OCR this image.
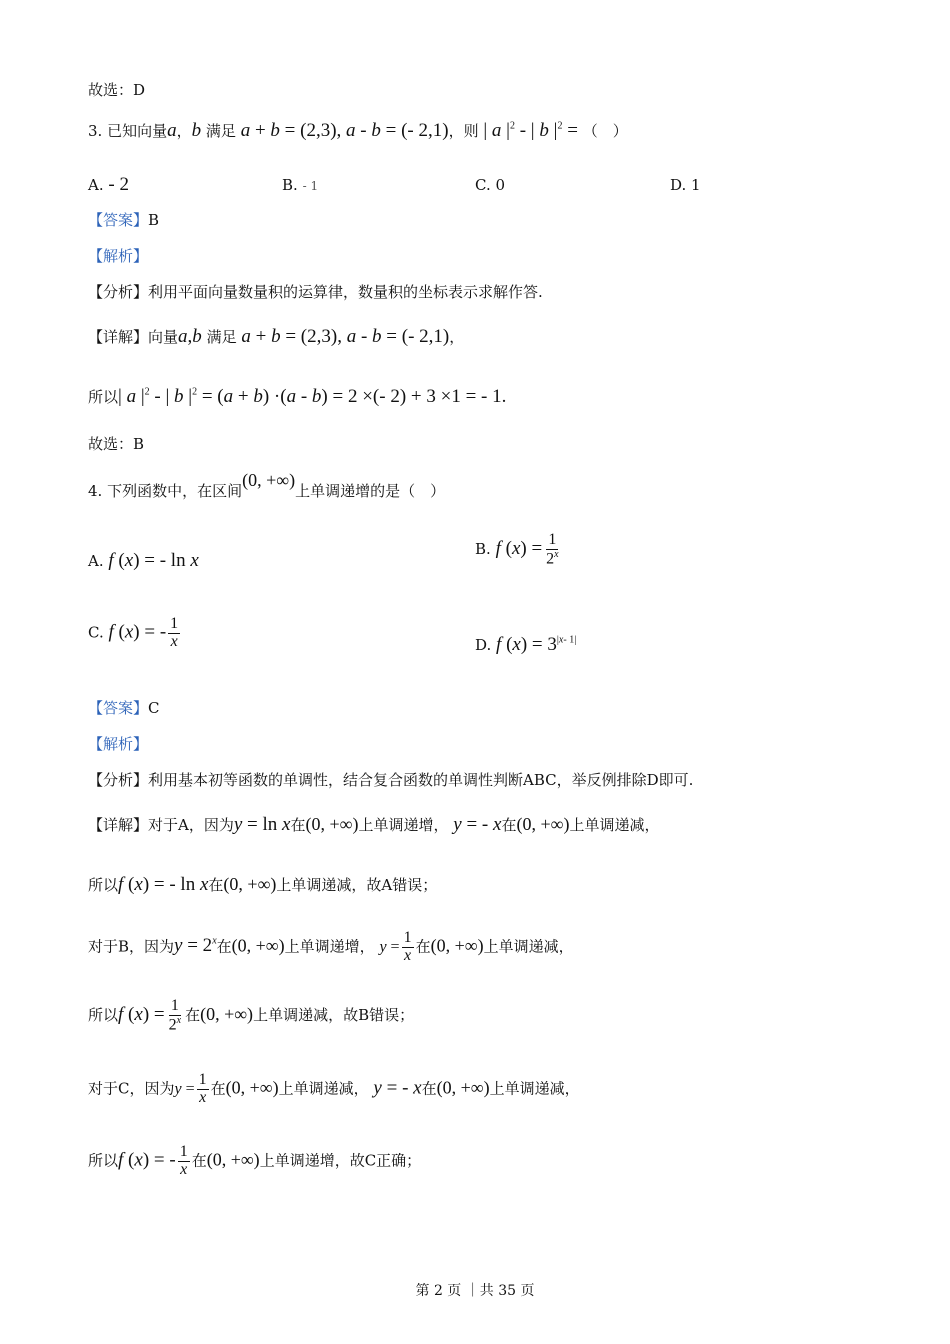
故选：D
3. 已知向量a，b 满足 a + b = (2,3), a - b = (- 2,1)，则 | a $|^2$ - | b $|^2$ = （　）
A. - 2	B. - 1	C. 0	D. 1
【答案】B
【解析】
【分析】利用平面向量数量积的运算律，数量积的坐标表示求解作答.
【详解】向量a,b 满足 a + b = (2,3), a - b = (- 2,1)，
所以| a $|^2$ - | b $|^2 = (a + b) \cdot(a - b) = 2$ ×(- 2) + 3 ×1 = - 1.
故选：B
4. 下列函数中，在区间(0, +∞)上单调递增的是（　）
A. f (x) = - ln x
B. f $(x) = \frac{1}{2^x}$
C. f (x) = - $\frac{1}{x}$	D. f $(x) = 3^{|x- 1|}$
【答案】C
【解析】
【分析】利用基本初等函数的单调性，结合复合函数的单调性判断ABC，举反例排除D即可.
【详解】对于A，因为y = ln x在(0, +∞)上单调递增， y = - x在(0, +∞)上单调递减，
所以f (x) = - ln x在(0, +∞)上单调递减，故A错误；
对于B，因为$y = 2^x$在(0, +∞)上单调递增， $y = \frac{1}{x}$ 在(0, +∞)上单调递减，
所以f $(x) = \frac{1}{2^x}$ 在(0, +∞)上单调递减，故B错误；
对于C，因为$y = \frac{1}{x}$ 在(0, +∞)上单调递减， y = - x在(0, +∞)上单调递减，
所以f (x) = - $\frac{1}{x}$ 在(0, +∞)上单调递增，故C正确；
第 2 页 ｜共 35 页
